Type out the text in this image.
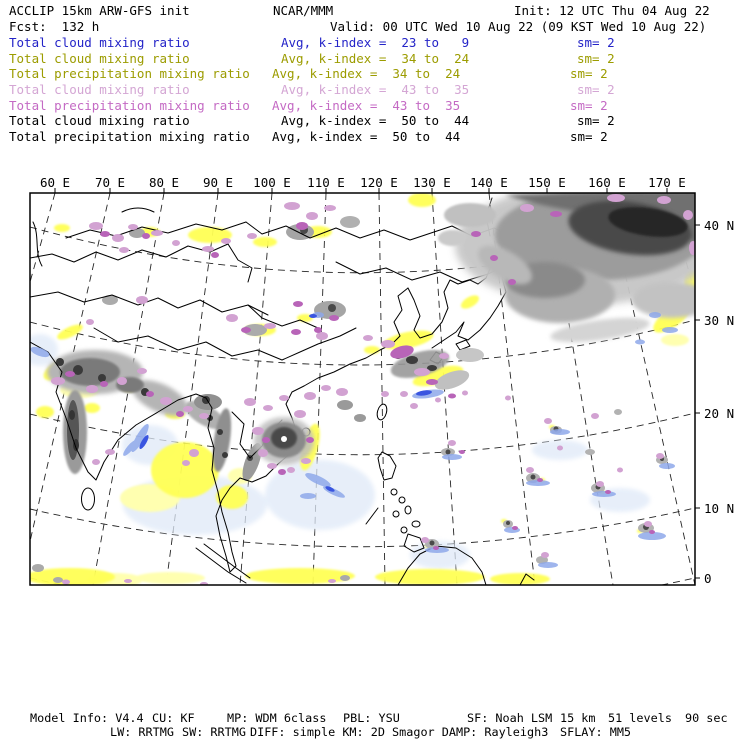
ACCLIP 15km ARW-GFS init	NCAR/MMM	Init: 12 UTC Thu 04 Aug 22
Fcst:  132 h	Valid: 00 UTC Wed 10 Aug 22 (09 KST Wed 10 Aug 22)
Total cloud mixing ratio	Avg, k-index =  23 to   9	sm= 2
Total cloud mixing ratio	Avg, k-index =  34 to  24	sm= 2
Total precipitation mixing ratio Avg, k-index =  34 to  24	sm= 2
Total cloud mixing ratio	Avg, k-index =  43 to  35	sm= 2
Total precipitation mixing ratio Avg, k-index =  43 to  35	sm= 2
Total cloud mixing ratio	Avg, k-index =  50 to  44	sm= 2
Total precipitation mixing ratio Avg, k-index =  50 to  44	sm= 2
60 E 70 E 80 E 90 E 100 E 110 E 120 E 130 E 140 E 150 E 160 E 170 E
40 N
30 N
20 N
10 N
0
Model Info: V4.4 CU: KF	MP: WDM 6class PBL: YSU	SF: Noah LSM 15 km 51 levels 90 sec
LW: RRTMG SW: RRTMG DIFF: simple KM: 2D Smagor DAMP: Rayleigh3 SFLAY: MM5
